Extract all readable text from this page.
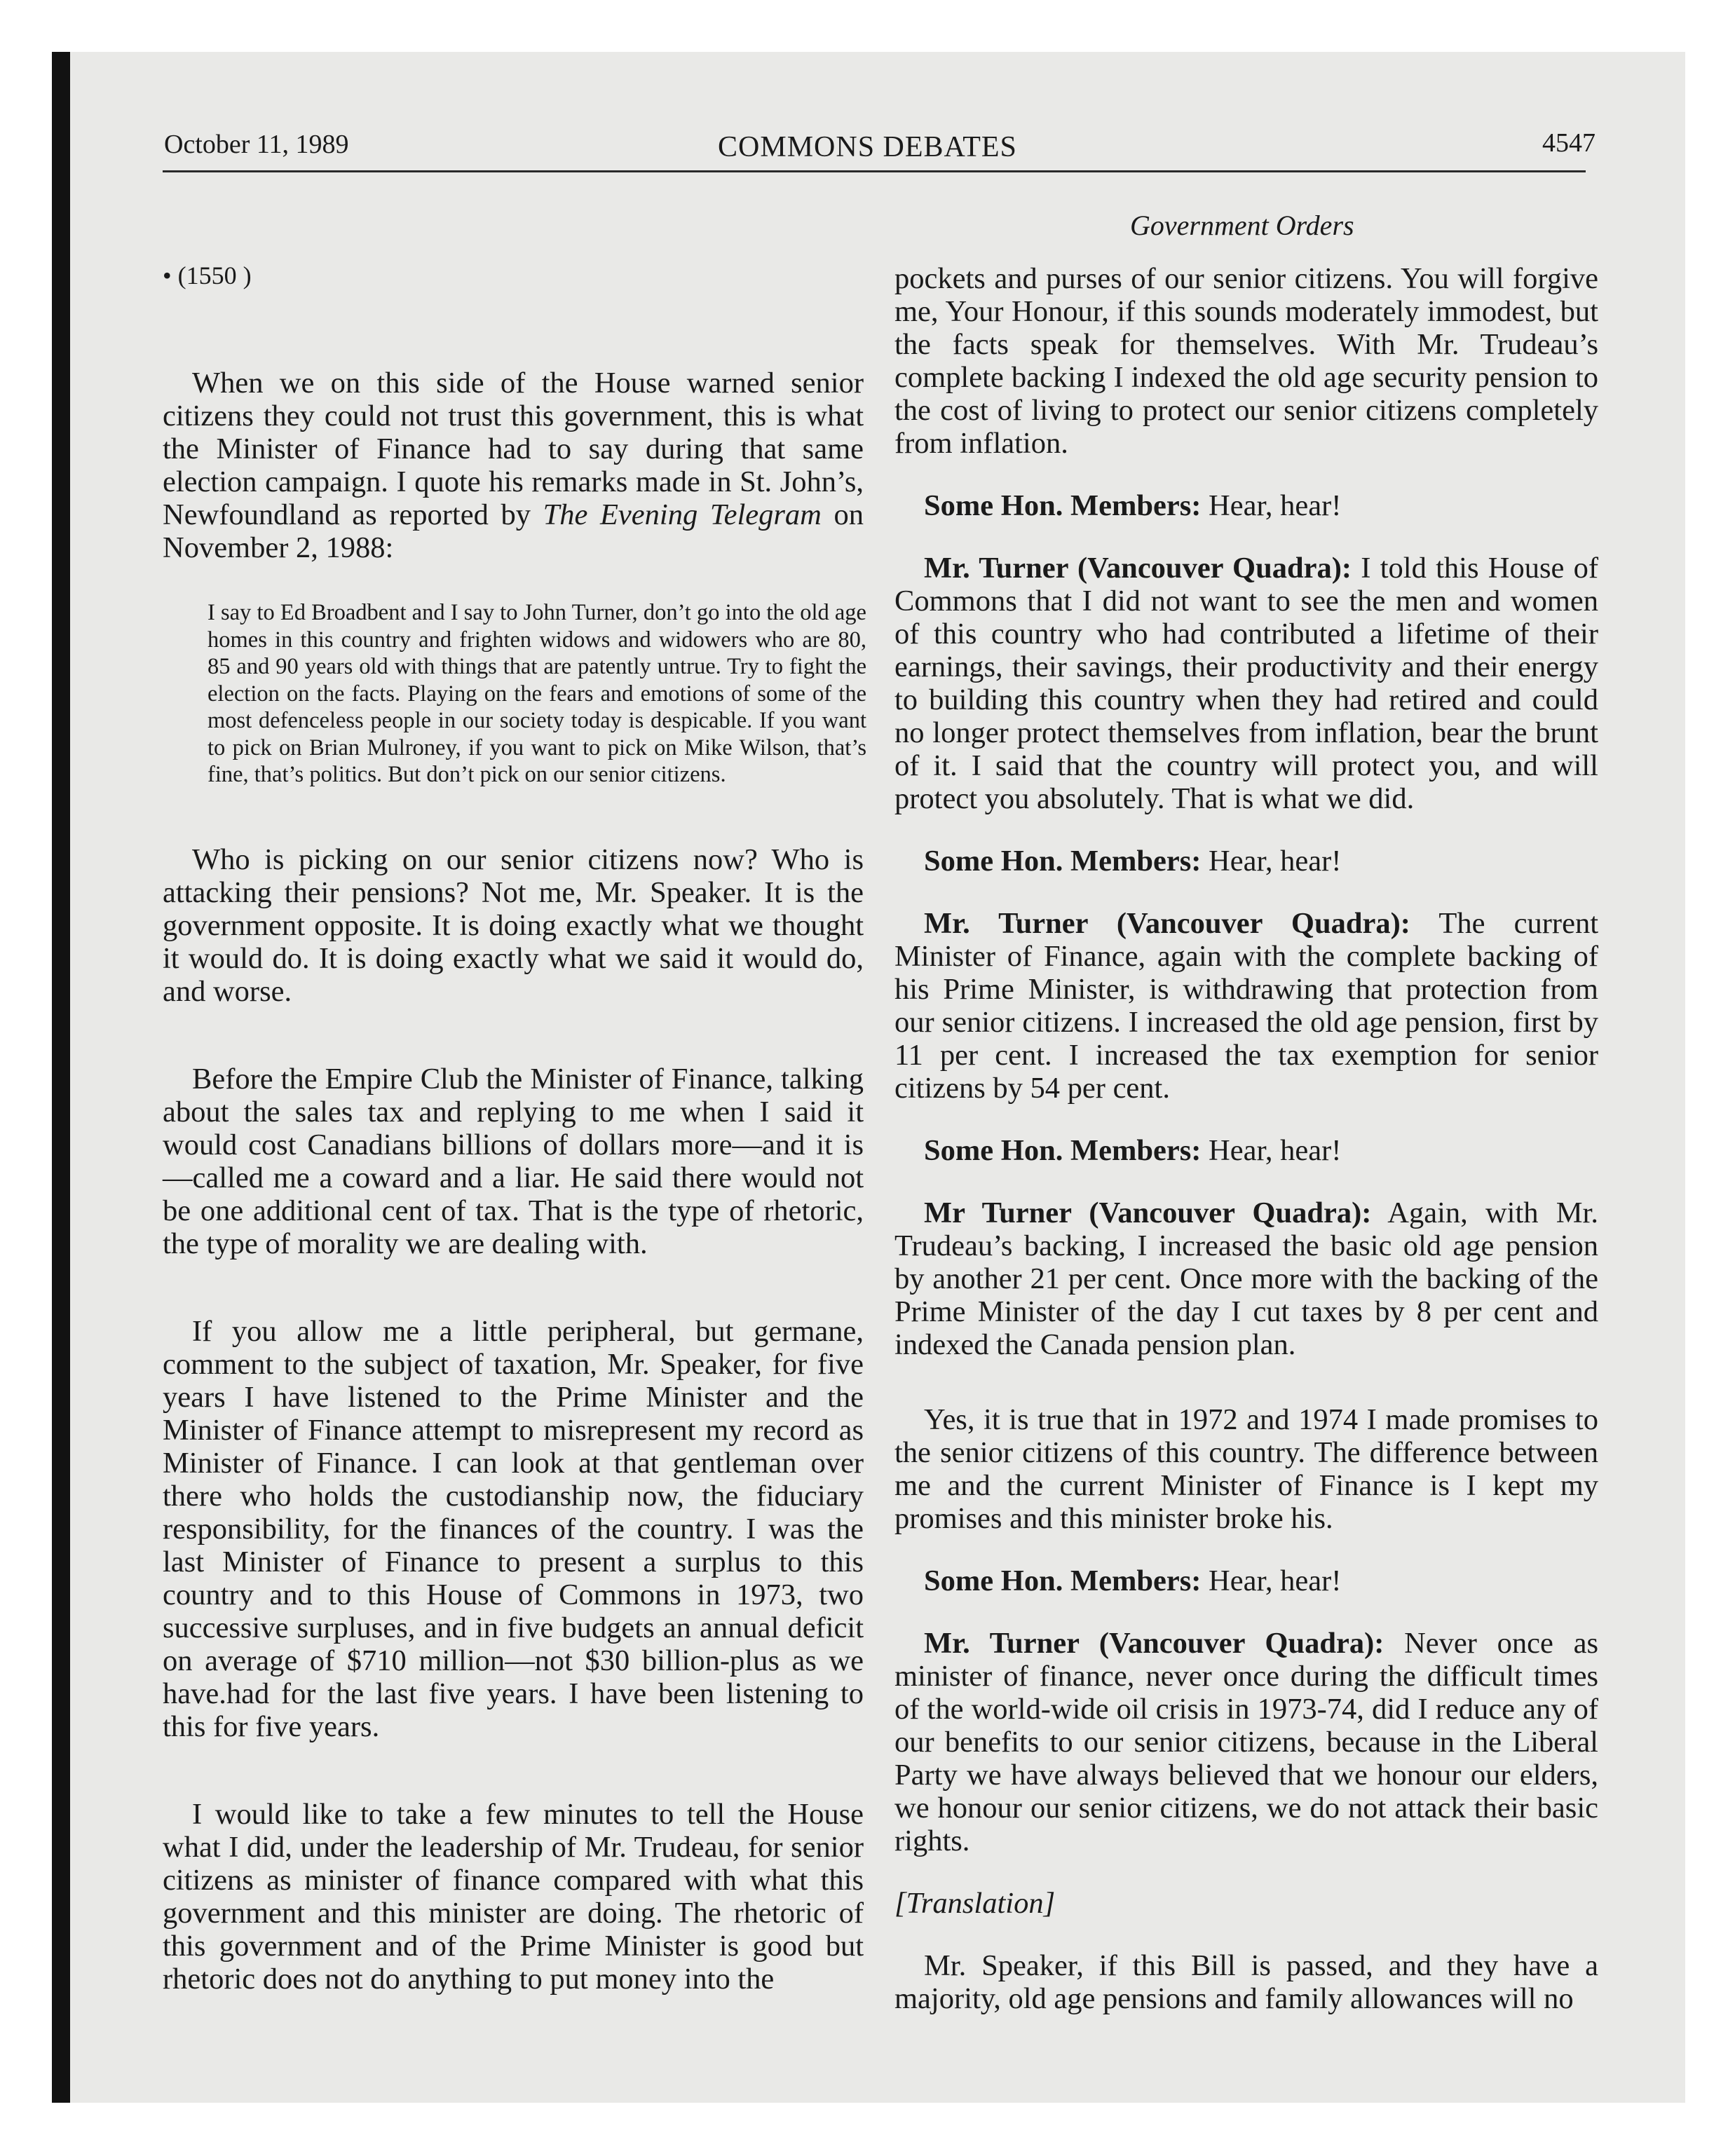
October 11, 1989	COMMONS DEBATES	4547
Government Orders
• (1550 )

When we on this side of the House warned senior citizens they could not trust this government, this is what the Minister of Finance had to say during that same election campaign. I quote his remarks made in St. John’s, Newfoundland as reported by The Evening Telegram on November 2, 1988:

I say to Ed Broadbent and I say to John Turner, don’t go into the old age homes in this country and frighten widows and widowers who are 80, 85 and 90 years old with things that are patently untrue. Try to fight the election on the facts. Playing on the fears and emotions of some of the most defenceless people in our society today is despicable. If you want to pick on Brian Mulroney, if you want to pick on Mike Wilson, that’s fine, that’s politics. But don’t pick on our senior citizens.

Who is picking on our senior citizens now? Who is attacking their pensions? Not me, Mr. Speaker. It is the government opposite. It is doing exactly what we thought it would do. It is doing exactly what we said it would do, and worse.

Before the Empire Club the Minister of Finance, talking about the sales tax and replying to me when I said it would cost Canadians billions of dollars more—and it is—called me a coward and a liar. He said there would not be one additional cent of tax. That is the type of rhetoric, the type of morality we are dealing with.

If you allow me a little peripheral, but germane, comment to the subject of taxation, Mr. Speaker, for five years I have listened to the Prime Minister and the Minister of Finance attempt to misrepresent my record as Minister of Finance. I can look at that gentleman over there who holds the custodianship now, the fiduciary responsibility, for the finances of the country. I was the last Minister of Finance to present a surplus to this country and to this House of Commons in 1973, two successive surpluses, and in five budgets an annual deficit on average of $710 million—not $30 billion-plus as we have.had for the last five years. I have been listening to this for five years.

I would like to take a few minutes to tell the House what I did, under the leadership of Mr. Trudeau, for senior citizens as minister of finance compared with what this government and this minister are doing. The rhetoric of this government and of the Prime Minister is good but rhetoric does not do anything to put money into the

pockets and purses of our senior citizens. You will forgive me, Your Honour, if this sounds moderately immodest, but the facts speak for themselves. With Mr. Trudeau’s complete backing I indexed the old age security pension to the cost of living to protect our senior citizens completely from inflation.

Some Hon. Members: Hear, hear!

Mr. Turner (Vancouver Quadra): I told this House of Commons that I did not want to see the men and women of this country who had contributed a lifetime of their earnings, their savings, their productivity and their energy to building this country when they had retired and could no longer protect themselves from inflation, bear the brunt of it. I said that the country will protect you, and will protect you absolutely. That is what we did.

Some Hon. Members: Hear, hear!

Mr. Turner (Vancouver Quadra): The current Minister of Finance, again with the complete backing of his Prime Minister, is withdrawing that protection from our senior citizens. I increased the old age pension, first by 11 per cent. I increased the tax exemption for senior citizens by 54 per cent.

Some Hon. Members: Hear, hear!

Mr Turner (Vancouver Quadra): Again, with Mr. Trudeau’s backing, I increased the basic old age pension by another 21 per cent. Once more with the backing of the Prime Minister of the day I cut taxes by 8 per cent and indexed the Canada pension plan.

Yes, it is true that in 1972 and 1974 I made promises to the senior citizens of this country. The difference between me and the current Minister of Finance is I kept my promises and this minister broke his.

Some Hon. Members: Hear, hear!

Mr. Turner (Vancouver Quadra): Never once as minister of finance, never once during the difficult times of the world-wide oil crisis in 1973-74, did I reduce any of our benefits to our senior citizens, because in the Liberal Party we have always believed that we honour our elders, we honour our senior citizens, we do not attack their basic rights.

[Translation]

Mr. Speaker, if this Bill is passed, and they have a majority, old age pensions and family allowances will no
